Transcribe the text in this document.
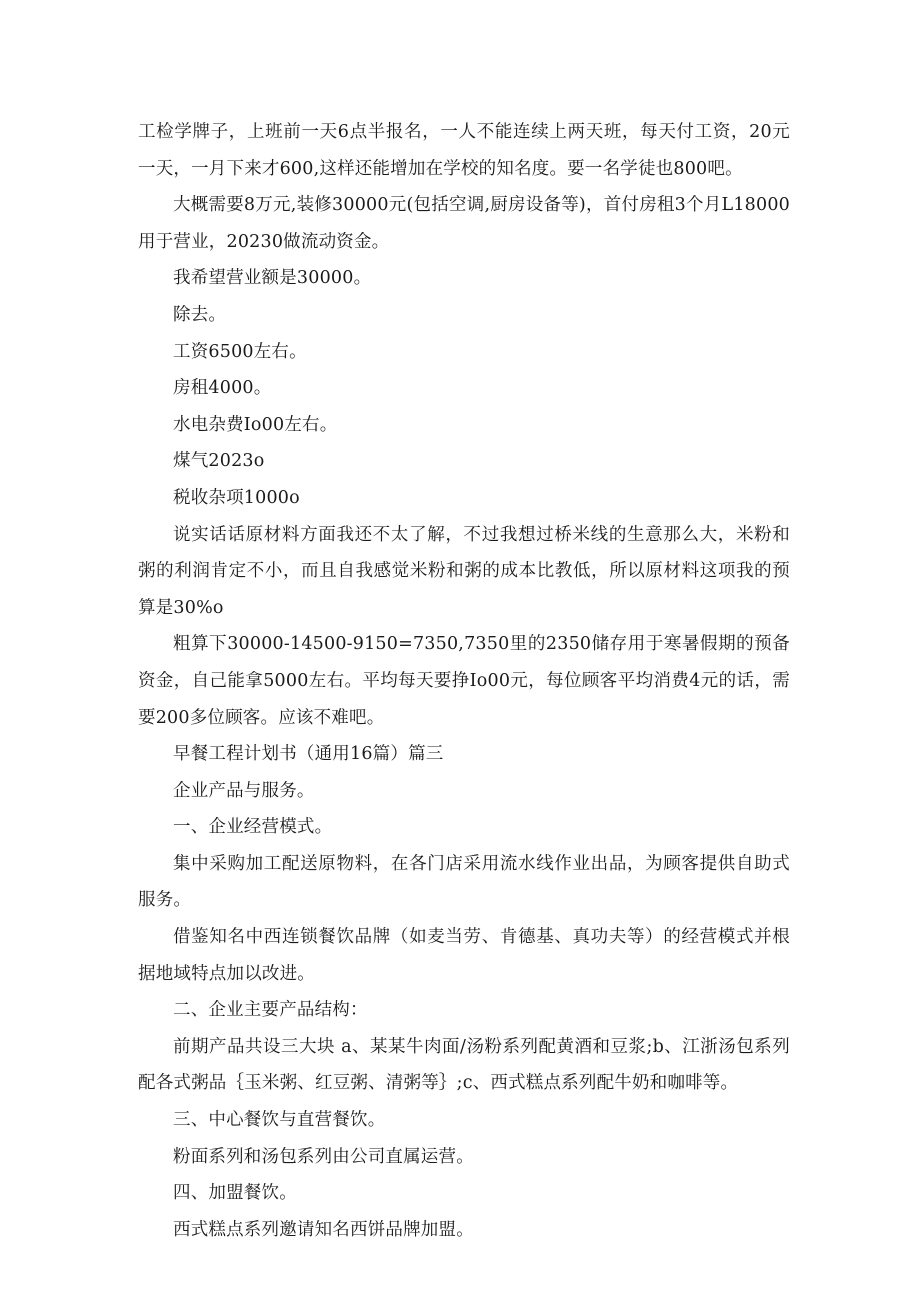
工检学牌子，上班前一天6点半报名，一人不能连续上两天班，每天付工资，20元一天，一月下来才600,这样还能增加在学校的知名度。要一名学徒也800吧。

大概需要8万元,装修30000元(包括空调,厨房设备等)，首付房租3个月L18000用于营业，20230做流动资金。

我希望营业额是30000。

除去。

工资6500左右。

房租4000。

水电杂费Io00左右。

煤气2023o

税收杂项1000o

说实话话原材料方面我还不太了解，不过我想过桥米线的生意那么大，米粉和粥的利润肯定不小，而且自我感觉米粉和粥的成本比教低，所以原材料这项我的预算是30%o

粗算下30000-14500-9150=7350,7350里的2350储存用于寒暑假期的预备资金，自己能拿5000左右。平均每天要挣Io00元，每位顾客平均消费4元的话，需要200多位顾客。应该不难吧。

早餐工程计划书（通用16篇）篇三

企业产品与服务。

一、企业经营模式。

集中采购加工配送原物料，在各门店采用流水线作业出品，为顾客提供自助式服务。

借鉴知名中西连锁餐饮品牌（如麦当劳、肯德基、真功夫等）的经营模式并根据地域特点加以改进。

二、企业主要产品结构：

前期产品共设三大块 a、某某牛肉面/汤粉系列配黄酒和豆浆;b、江浙汤包系列配各式粥品｛玉米粥、红豆粥、清粥等｝;c、西式糕点系列配牛奶和咖啡等。

三、中心餐饮与直营餐饮。

粉面系列和汤包系列由公司直属运营。

四、加盟餐饮。

西式糕点系列邀请知名西饼品牌加盟。
